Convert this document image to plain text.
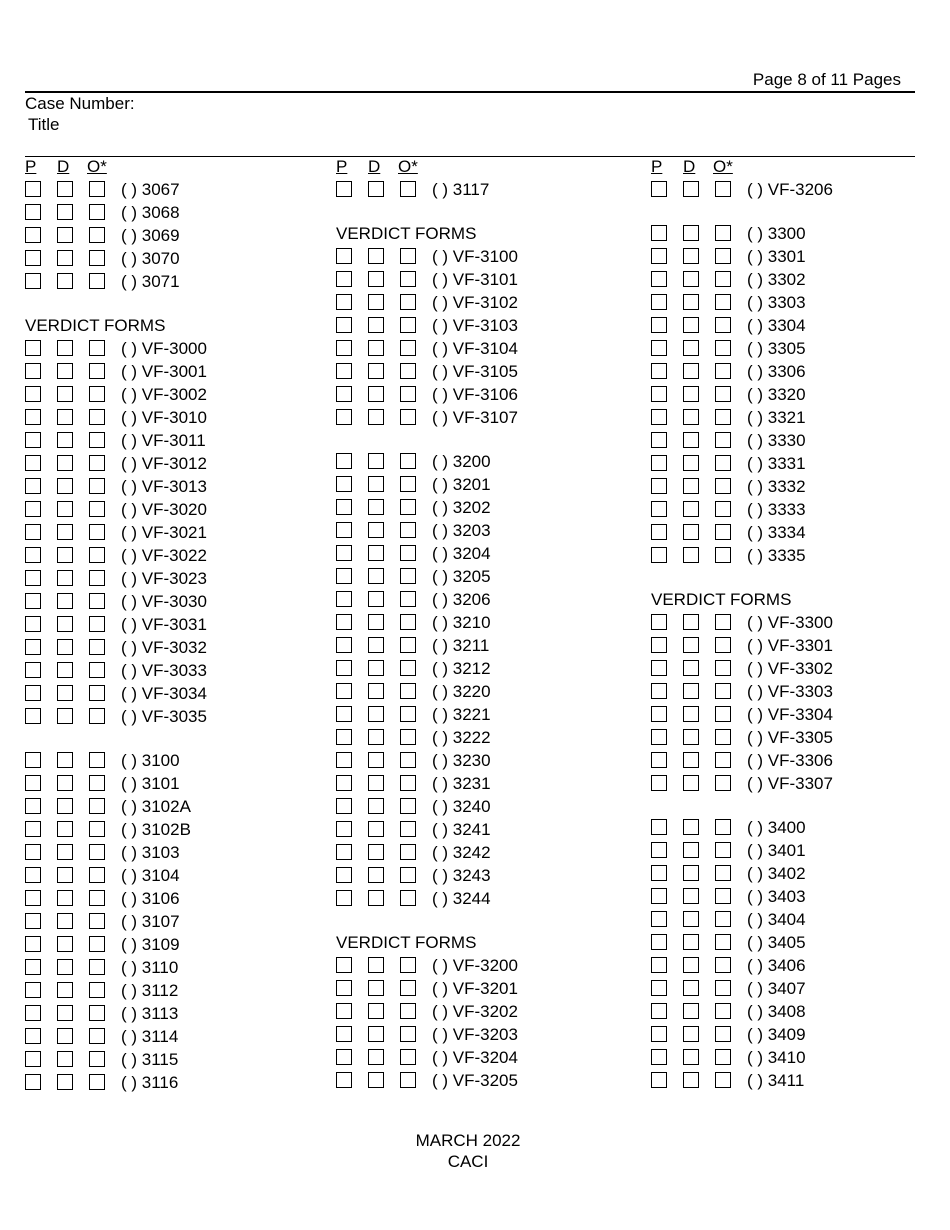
Page 8 of 11 Pages
Case Number:
Title
P D O*
( ) 3067
( ) 3068
( ) 3069
( ) 3070
( ) 3071
VERDICT FORMS
( ) VF-3000
( ) VF-3001
( ) VF-3002
( ) VF-3010
( ) VF-3011
( ) VF-3012
( ) VF-3013
( ) VF-3020
( ) VF-3021
( ) VF-3022
( ) VF-3023
( ) VF-3030
( ) VF-3031
( ) VF-3032
( ) VF-3033
( ) VF-3034
( ) VF-3035
( ) 3100
( ) 3101
( ) 3102A
( ) 3102B
( ) 3103
( ) 3104
( ) 3106
( ) 3107
( ) 3109
( ) 3110
( ) 3112
( ) 3113
( ) 3114
( ) 3115
( ) 3116
P D O*
( ) 3117
VERDICT FORMS
( ) VF-3100
( ) VF-3101
( ) VF-3102
( ) VF-3103
( ) VF-3104
( ) VF-3105
( ) VF-3106
( ) VF-3107
( ) 3200
( ) 3201
( ) 3202
( ) 3203
( ) 3204
( ) 3205
( ) 3206
( ) 3210
( ) 3211
( ) 3212
( ) 3220
( ) 3221
( ) 3222
( ) 3230
( ) 3231
( ) 3240
( ) 3241
( ) 3242
( ) 3243
( ) 3244
VERDICT FORMS
( ) VF-3200
( ) VF-3201
( ) VF-3202
( ) VF-3203
( ) VF-3204
( ) VF-3205
P D O*
( ) VF-3206
( ) 3300
( ) 3301
( ) 3302
( ) 3303
( ) 3304
( ) 3305
( ) 3306
( ) 3320
( ) 3321
( ) 3330
( ) 3331
( ) 3332
( ) 3333
( ) 3334
( ) 3335
VERDICT FORMS
( ) VF-3300
( ) VF-3301
( ) VF-3302
( ) VF-3303
( ) VF-3304
( ) VF-3305
( ) VF-3306
( ) VF-3307
( ) 3400
( ) 3401
( ) 3402
( ) 3403
( ) 3404
( ) 3405
( ) 3406
( ) 3407
( ) 3408
( ) 3409
( ) 3410
( ) 3411
MARCH 2022
CACI
